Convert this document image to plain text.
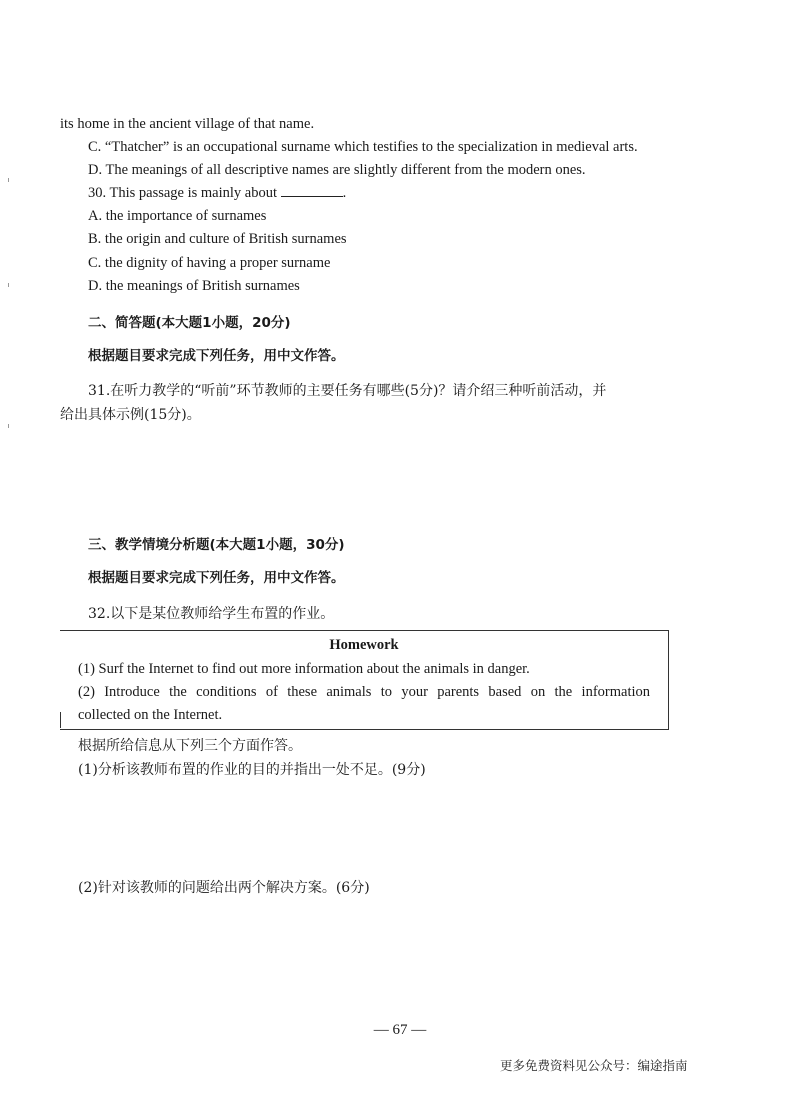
its home in the ancient village of that name.
C. “Thatcher” is an occupational surname which testifies to the specialization in medieval arts.
D. The meanings of all descriptive names are slightly different from the modern ones.
30. This passage is mainly about	.
A. the importance of surnames
B. the origin and culture of British surnames
C. the dignity of having a proper surname
D. the meanings of British surnames
二、简答题(本大题1小题，20分)
根据题目要求完成下列任务，用中文作答。
31.在听力教学的“听前”环节教师的主要任务有哪些(5分)？请介绍三种听前活动，并
给出具体示例(15分)。
三、教学情境分析题(本大题1小题，30分)
根据题目要求完成下列任务，用中文作答。
32.以下是某位教师给学生布置的作业。
Homework
(1) Surf the Internet to find out more information about the animals in danger.
(2) Introduce the conditions of these animals to your parents based on the information
collected on the Internet.
根据所给信息从下列三个方面作答。
(1)分析该教师布置的作业的目的并指出一处不足。(9分)
(2)针对该教师的问题给出两个解决方案。(6分)
— 67 —
更多免费资料见公众号：编途指南
